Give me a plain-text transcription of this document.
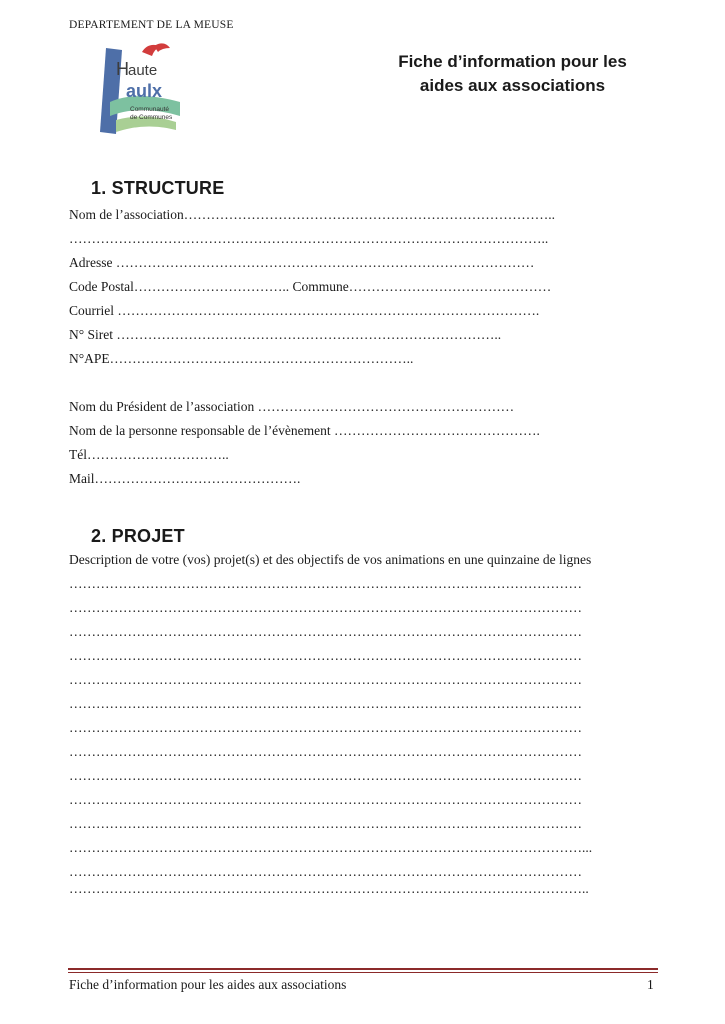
DEPARTEMENT DE LA MEUSE
H aute
aulx
Communauté
de Communes
Fiche d’information pour les
aides aux associations
1. STRUCTURE
Nom de l’association………………………………………………………………………..
……………………………………………………………………………………………..
Adresse …………………………………………………………………………………
Code Postal…………………………….. Commune………………………………………
Courriel ………………………………………………………………………………….
N° Siret …………………………………………………………………………..
N°APE…………………………………………………………..
Nom du Président de l’association …………………………………………………
Nom de la personne responsable de l’évènement ……………………………………….
Tél…………………………..
Mail……………………………………….
2. PROJET
Description de votre (vos) projet(s) et des objectifs de vos animations en une quinzaine de lignes
……………………………………………………………………………………………………
……………………………………………………………………………………………………
……………………………………………………………………………………………………
……………………………………………………………………………………………………
……………………………………………………………………………………………………
……………………………………………………………………………………………………
……………………………………………………………………………………………………
……………………………………………………………………………………………………
……………………………………………………………………………………………………
……………………………………………………………………………………………………
……………………………………………………………………………………………………
……………………………………………………………………………………………………...
……………………………………………………………………………………………………
……………………………………………………………………………………………………..
Fiche d’information pour les aides aux associations	1
